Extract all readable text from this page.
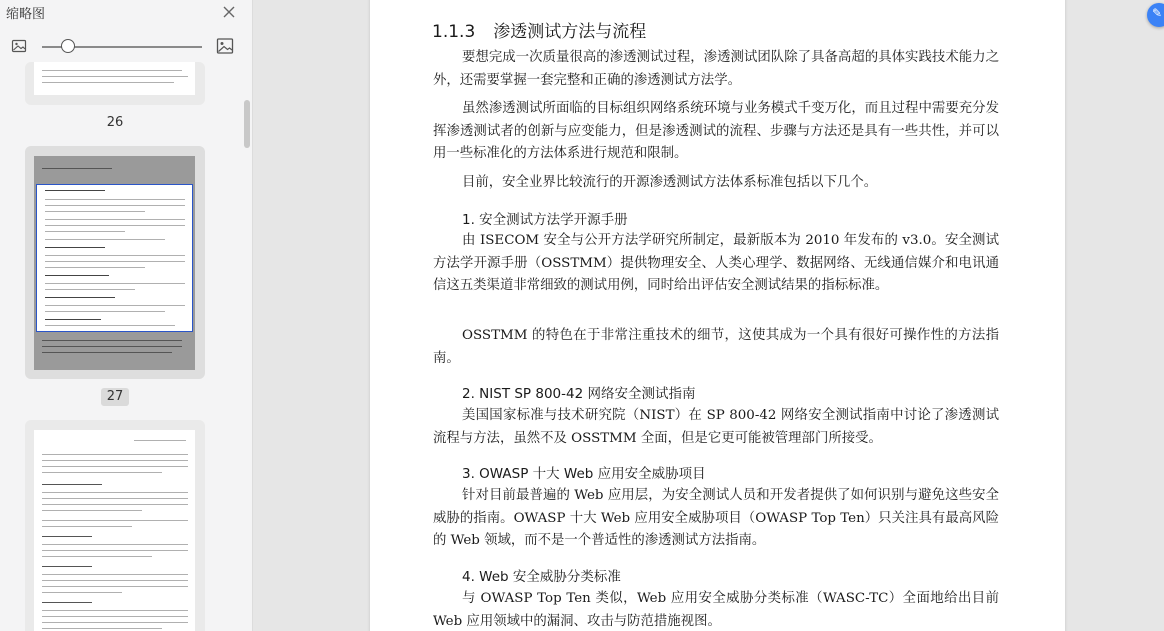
缩略图
26
27
1.1.3 渗透测试方法与流程
要想完成一次质量很高的渗透测试过程，渗透测试团队除了具备高超的具体实践技术能力之外，还需要掌握一套完整和正确的渗透测试方法学。
虽然渗透测试所面临的目标组织网络系统环境与业务模式千变万化，而且过程中需要充分发挥渗透测试者的创新与应变能力，但是渗透测试的流程、步骤与方法还是具有一些共性，并可以用一些标准化的方法体系进行规范和限制。
目前，安全业界比较流行的开源渗透测试方法体系标准包括以下几个。
1. 安全测试方法学开源手册
由 ISECOM 安全与公开方法学研究所制定，最新版本为 2010 年发布的 v3.0。安全测试方法学开源手册（OSSTMM）提供物理安全、人类心理学、数据网络、无线通信媒介和电讯通信这五类渠道非常细致的测试用例，同时给出评估安全测试结果的指标标准。
OSSTMM 的特色在于非常注重技术的细节，这使其成为一个具有很好可操作性的方法指南。
2. NIST SP 800-42 网络安全测试指南
美国国家标准与技术研究院（NIST）在 SP 800-42 网络安全测试指南中讨论了渗透测试流程与方法，虽然不及 OSSTMM 全面，但是它更可能被管理部门所接受。
3. OWASP 十大 Web 应用安全威胁项目
针对目前最普遍的 Web 应用层，为安全测试人员和开发者提供了如何识别与避免这些安全威胁的指南。OWASP 十大 Web 应用安全威胁项目（OWASP Top Ten）只关注具有最高风险的 Web 领域，而不是一个普适性的渗透测试方法指南。
4. Web 安全威胁分类标准
与 OWASP Top Ten 类似，Web 应用安全威胁分类标准（WASC-TC）全面地给出目前Web 应用领域中的漏洞、攻击与防范措施视图。
✎
